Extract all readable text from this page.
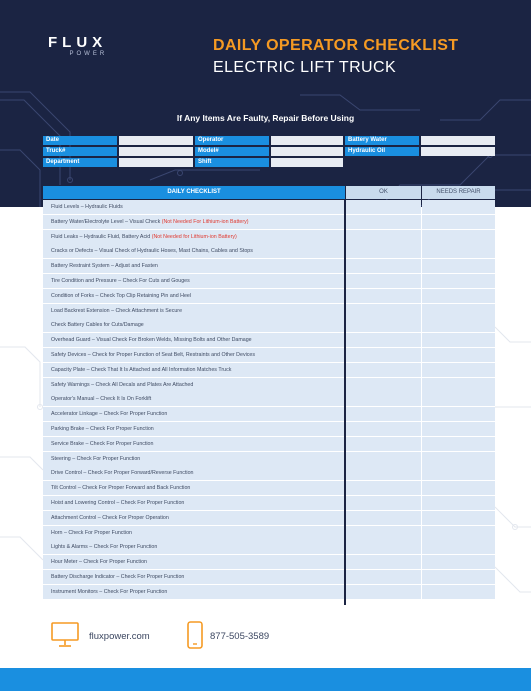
FLUX
POWER	DAILY OPERATOR CHECKLIST
ELECTRIC LIFT TRUCK
If Any Items Are Faulty, Repair Before Using
Date
Truck#
Department
Operator
Model#
Shift
Battery Water
Hydraulic Oil
DAILY CHECKLIST	OK	NEEDS REPAIR
Fluid Levels – Hydraulic Fluids
Battery Water/Electrolyte Level – Visual Check (Not Needed For Lithium-ion Battery)
Fluid Leaks – Hydraulic Fluid, Battery Acid (Not Needed for Lithium-ion Battery)
Cracks or Defects – Visual Check of Hydraulic Hoses, Mast Chains, Cables and Stops
Battery Restraint System – Adjust and Fasten
Tire Condition and Pressure – Check For Cuts and Gouges
Condition of Forks – Check Top Clip Retaining Pin and Heel
Load Backrest Extension – Check Attachment is Secure
Check Battery Cables for Cuts/Damage
Overhead Guard – Visual Check For Broken Welds, Missing Bolts and Other Damage
Safety Devices – Check for Proper Function of Seat Belt, Restraints and Other Devices
Capacity Plate – Check That It Is Attached and All Information Matches Truck
Safety Warnings – Check All Decals and Plates Are Attached
Operator's Manual – Check It Is On Forklift
Accelerator Linkage – Check For Proper Function
Parking Brake – Check For Proper Function
Service Brake – Check For Proper Function
Steering – Check For Proper Function
Drive Control – Check For Proper Forward/Reverse Function
Tilt Control – Check For Proper Forward and Back Function
Hoist and Lowering Control – Check For Proper Function
Attachment Control – Check For Proper Operation
Horn – Check For Proper Function
Lights & Alarms – Check For Proper Function
Hour Meter – Check For Proper Function
Battery Discharge Indicator – Check For Proper Function
Instrument Monitors – Check For Proper Function
fluxpower.com	877-505-3589
